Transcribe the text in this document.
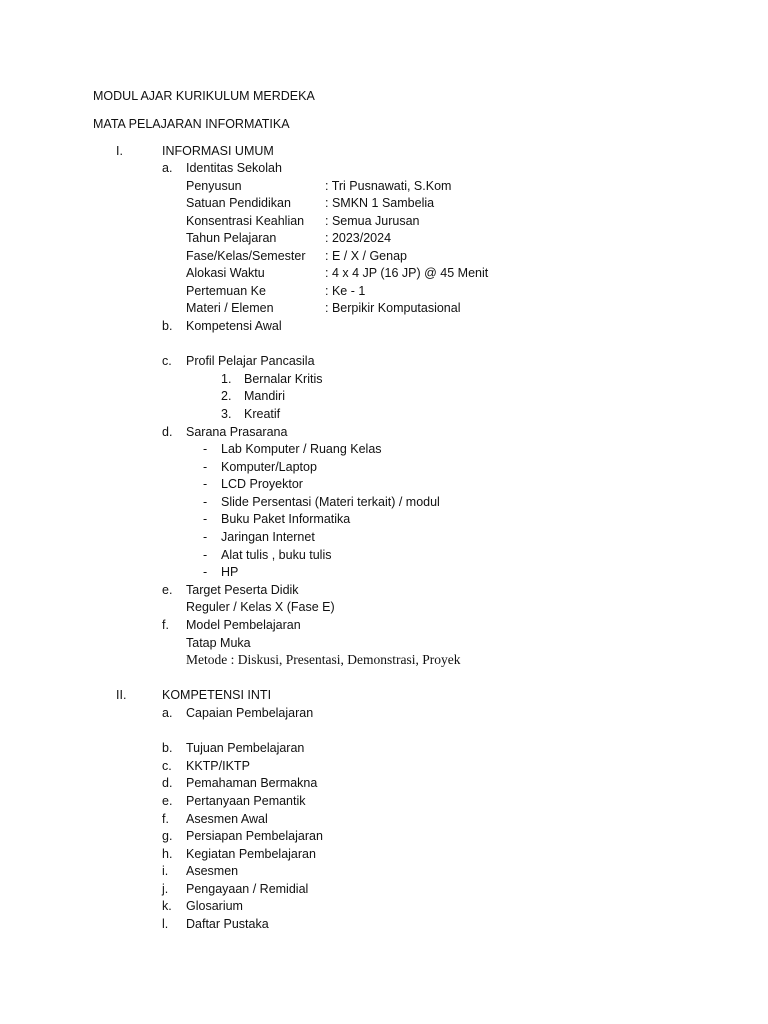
MODUL AJAR KURIKULUM MERDEKA
MATA PELAJARAN INFORMATIKA
I.	INFORMASI UMUM
a. Identitas Sekolah
Penyusun	: Tri Pusnawati, S.Kom
Satuan Pendidikan	: SMKN 1 Sambelia
Konsentrasi Keahlian : Semua Jurusan
Tahun Pelajaran	: 2023/2024
Fase/Kelas/Semester : E / X / Genap
Alokasi Waktu	: 4 x 4 JP (16 JP) @ 45 Menit
Pertemuan Ke	: Ke - 1
Materi / Elemen	: Berpikir Komputasional
b. Kompetensi Awal
c. Profil Pelajar Pancasila
1. Bernalar Kritis
2. Mandiri
3. Kreatif
d. Sarana Prasarana
- Lab Komputer / Ruang Kelas
- Komputer/Laptop
- LCD Proyektor
- Slide Persentasi (Materi terkait) / modul
- Buku Paket Informatika
- Jaringan Internet
- Alat tulis , buku tulis
- HP
e. Target Peserta Didik
Reguler / Kelas X (Fase E)
f. Model Pembelajaran
Tatap Muka
Metode : Diskusi, Presentasi, Demonstrasi, Proyek
II.	KOMPETENSI INTI
a. Capaian Pembelajaran
b. Tujuan Pembelajaran
c. KKTP/IKTP
d. Pemahaman Bermakna
e. Pertanyaan Pemantik
f. Asesmen Awal
g. Persiapan Pembelajaran
h. Kegiatan Pembelajaran
i. Asesmen
j. Pengayaan / Remidial
k. Glosarium
l. Daftar Pustaka
